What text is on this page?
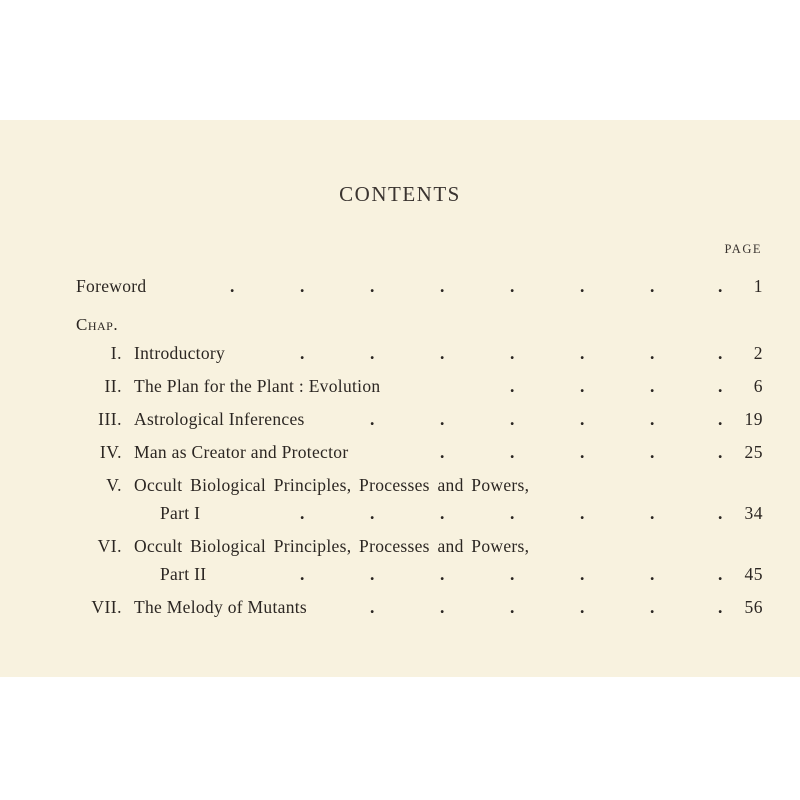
CONTENTS
PAGE
Foreword	.	.	.	.	.	.	.	. 1
Chap.
I. Introductory	.	.	.	.	.	.	. 2
II. The Plan for the Plant : Evolution	.	.	.	. 6
III. Astrological Inferences	.	.	.	.	.	. 19
IV. Man as Creator and Protector	.	.	.	.	. 25
V. Occult Biological Principles, Processes and Powers,
Part I	.	.	.	.	.	.	. 34
VI. Occult Biological Principles, Processes and Powers,
Part II	.	.	.	.	.	.	. 45
VII. The Melody of Mutants	.	.	.	.	.	. 56
